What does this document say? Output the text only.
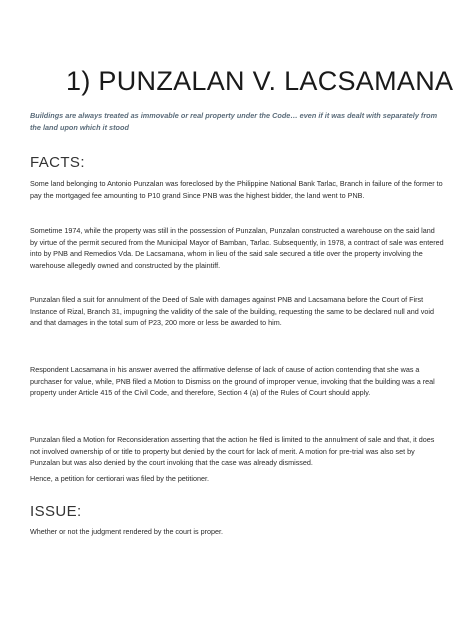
1) PUNZALAN V. LACSAMANA
Buildings are always treated as immovable or real property under the Code… even if it was dealt with separately from the land upon which it stood
FACTS:
Some land belonging to Antonio Punzalan was foreclosed by the Philippine National Bank Tarlac, Branch in failure of the former to pay the mortgaged fee amounting to P10 grand Since PNB was the highest bidder, the land went to PNB.
Sometime 1974, while the property was still in the possession of Punzalan, Punzalan constructed a warehouse on the said land by virtue of the permit secured from the Municipal Mayor of Bamban, Tarlac. Subsequently, in 1978, a contract of sale was entered into by PNB and Remedios Vda. De Lacsamana, whom in lieu of the said sale secured a title over the property involving the warehouse allegedly owned and constructed by the plaintiff.
Punzalan filed a suit for annulment of the Deed of Sale with damages against PNB and Lacsamana before the Court of First Instance of Rizal, Branch 31, impugning the validity of the sale of the building, requesting the same to be declared null and void and that damages in the total sum of P23, 200 more or less be awarded to him.
Respondent Lacsamana in his answer averred the affirmative defense of lack of cause of action contending that she was a purchaser for value, while, PNB filed a Motion to Dismiss on the ground of improper venue, invoking that the building was a real property under Article 415 of the Civil Code, and therefore, Section 4 (a) of the Rules of Court should apply.
Punzalan filed a Motion for Reconsideration asserting that the action he filed is limited to the annulment of sale and that, it does not involved ownership of or title to property but denied by the court for lack of merit. A motion for pre-trial was also set by Punzalan but was also denied by the court invoking that the case was already dismissed.
Hence, a petition for certiorari was filed by the petitioner.
ISSUE:
Whether or not the judgment rendered by the court is proper.
